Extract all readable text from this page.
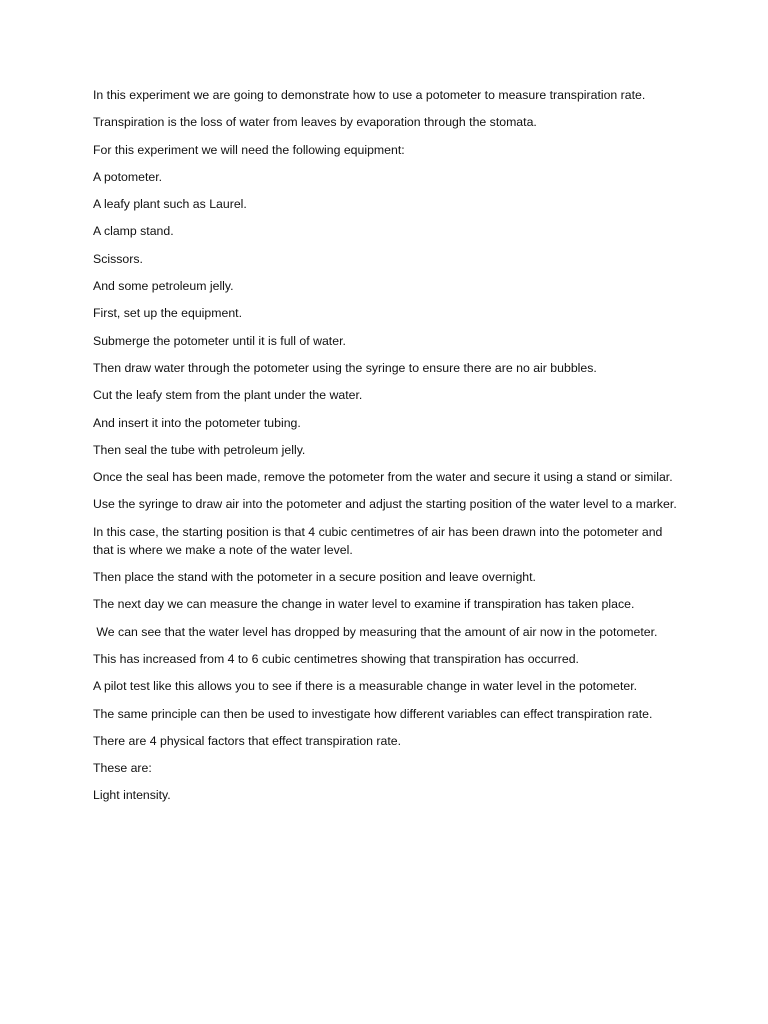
In this experiment we are going to demonstrate how to use a potometer to measure transpiration rate.

Transpiration is the loss of water from leaves by evaporation through the stomata.

For this experiment we will need the following equipment:

A potometer.

A leafy plant such as Laurel.

A clamp stand.

Scissors.

And some petroleum jelly.

First, set up the equipment.

Submerge the potometer until it is full of water.

Then draw water through the potometer using the syringe to ensure there are no air bubbles.

Cut the leafy stem from the plant under the water.

And insert it into the potometer tubing.

Then seal the tube with petroleum jelly.

Once the seal has been made, remove the potometer from the water and secure it using a stand or similar.

Use the syringe to draw air into the potometer and adjust the starting position of the water level to a marker.

In this case, the starting position is that 4 cubic centimetres of air has been drawn into the potometer and that is where we make a note of the water level.

Then place the stand with the potometer in a secure position and leave overnight.

The next day we can measure the change in water level to examine if transpiration has taken place.

We can see that the water level has dropped by measuring that the amount of air now in the potometer.

This has increased from 4 to 6 cubic centimetres showing that transpiration has occurred.

A pilot test like this allows you to see if there is a measurable change in water level in the potometer.

The same principle can then be used to investigate how different variables can effect transpiration rate.

There are 4 physical factors that effect transpiration rate.

These are:

Light intensity.
